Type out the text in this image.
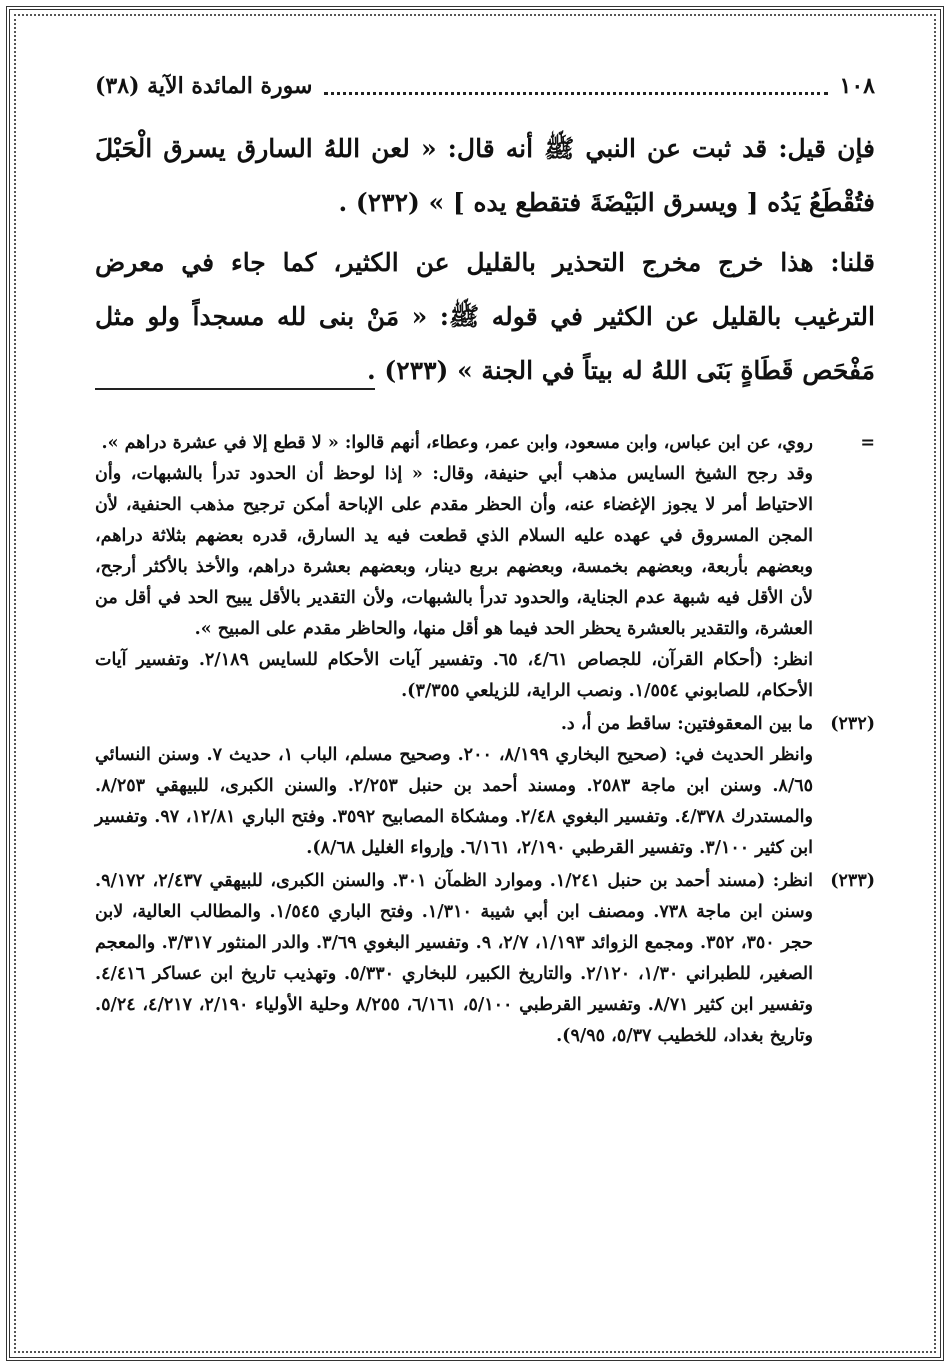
١٠٨
سورة المائدة الآية (٣٨)

فإن قيل: قد ثبت عن النبي ﷺ أنه قال: « لعن اللهُ السارق يسرق الْحَبْلَ فتُقْطَعُ يَدُه [ ويسرق البَيْضَةَ فتقطع يده ] » (٢٣٢) .

قلنا: هذا خرج مخرج التحذير بالقليل عن الكثير، كما جاء في معرض الترغيب بالقليل عن الكثير في قوله ﷺ: « مَنْ بنى لله مسجداً ولو مثل مَفْحَص قَطَاةٍ بَنَى اللهُ له بيتاً في الجنة » (٢٣٣) .

=

روي، عن ابن عباس، وابن مسعود، وابن عمر، وعطاء، أنهم قالوا: « لا قطع إلا في عشرة دراهم ».

وقد رجح الشيخ السايس مذهب أبي حنيفة، وقال: « إذا لوحظ أن الحدود تدرأ بالشبهات، وأن الاحتياط أمر لا يجوز الإغضاء عنه، وأن الحظر مقدم على الإباحة أمكن ترجيح مذهب الحنفية، لأن المجن المسروق في عهده عليه السلام الذي قطعت فيه يد السارق، قدره بعضهم بثلاثة دراهم، وبعضهم بأربعة، وبعضهم بخمسة، وبعضهم بربع دينار، وبعضهم بعشرة دراهم، والأخذ بالأكثر أرجح، لأن الأقل فيه شبهة عدم الجناية، والحدود تدرأ بالشبهات، ولأن التقدير بالأقل يبيح الحد في أقل من العشرة، والتقدير بالعشرة يحظر الحد فيما هو أقل منها، والحاظر مقدم على المبيح ».

انظر: (أحكام القرآن، للجصاص ٤/٦١، ٦٥. وتفسير آيات الأحكام للسايس ٢/١٨٩. وتفسير آيات الأحكام، للصابوني ١/٥٥٤. ونصب الراية، للزيلعي ٣/٣٥٥).

(٢٣٢)

ما بين المعقوفتين: ساقط من أ، د.

وانظر الحديث في: (صحيح البخاري ٨/١٩٩، ٢٠٠. وصحيح مسلم، الباب ١، حديث ٧. وسنن النسائي ٨/٦٥. وسنن ابن ماجة ٢٥٨٣. ومسند أحمد بن حنبل ٢/٢٥٣. والسنن الكبرى، للبيهقي ٨/٢٥٣. والمستدرك ٤/٣٧٨. وتفسير البغوي ٢/٤٨. ومشكاة المصابيح ٣٥٩٢. وفتح الباري ١٢/٨١، ٩٧. وتفسير ابن كثير ٣/١٠٠. وتفسير القرطبي ٢/١٩٠، ٦/١٦١. وإرواء الغليل ٨/٦٨).

(٢٣٣)

انظر: (مسند أحمد بن حنبل ١/٢٤١. وموارد الظمآن ٣٠١. والسنن الكبرى، للبيهقي ٢/٤٣٧، ٩/١٧٢. وسنن ابن ماجة ٧٣٨. ومصنف ابن أبي شيبة ١/٣١٠. وفتح الباري ١/٥٤٥. والمطالب العالية، لابن حجر ٣٥٠، ٣٥٢. ومجمع الزوائد ١/١٩٣، ٢/٧، ٩. وتفسير البغوي ٣/٦٩. والدر المنثور ٣/٣١٧. والمعجم الصغير، للطبراني ١/٣٠، ٢/١٢٠. والتاريخ الكبير، للبخاري ٥/٣٣٠. وتهذيب تاريخ ابن عساكر ٤/٤١٦. وتفسير ابن كثير ٨/٧١. وتفسير القرطبي ٥/١٠٠، ٦/١٦١، ٨/٢٥٥ وحلية الأولياء ٢/١٩٠، ٤/٢١٧، ٥/٢٤. وتاريخ بغداد، للخطيب ٥/٣٧، ٩/٩٥).
